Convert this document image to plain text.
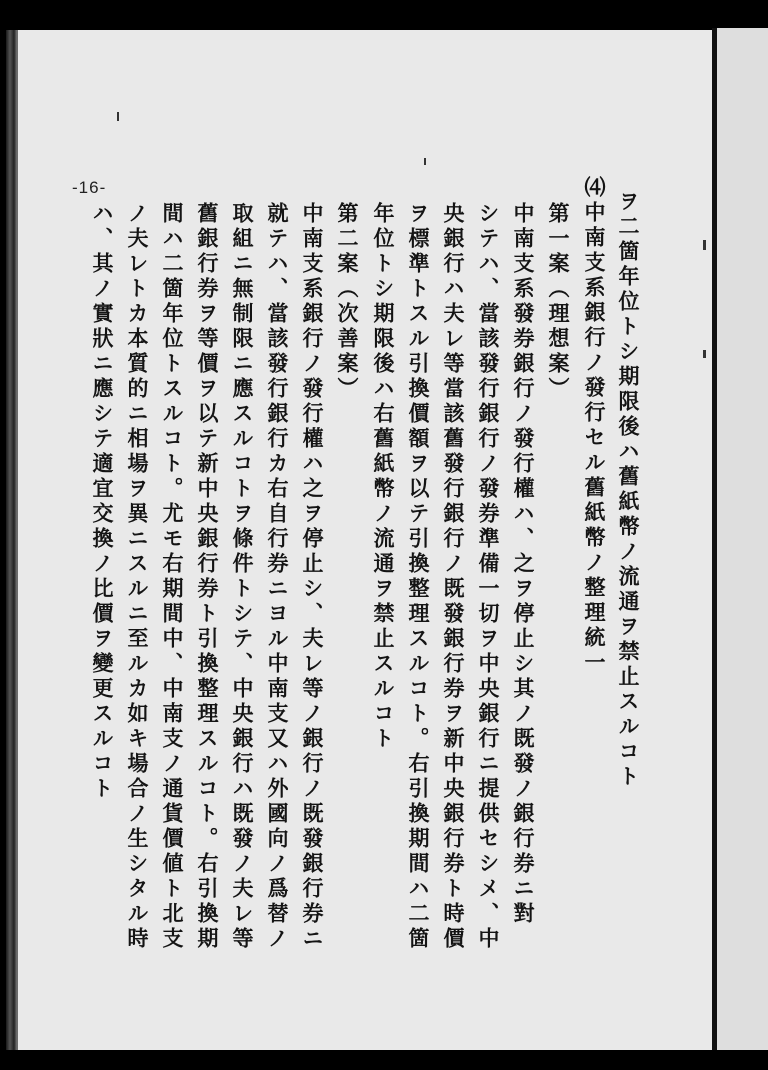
-16-
ヲ二箇年位トシ期限後ハ舊紙幣ノ流通ヲ禁止スルコト
⑷中南支系銀行ノ發行セル舊紙幣ノ整理統一
第一案（理想案）
中南支系發券銀行ノ發行權ハ、之ヲ停止シ其ノ既發ノ銀行券ニ對
シテハ、當該發行銀行ノ發券準備一切ヲ中央銀行ニ提供セシメ、中
央銀行ハ夫レ等當該舊發行銀行ノ既發銀行券ヲ新中央銀行券ト時價
ヲ標準トスル引換價額ヲ以テ引換整理スルコト。右引換期間ハ二箇
年位トシ期限後ハ右舊紙幣ノ流通ヲ禁止スルコト
第二案（次善案）
中南支系銀行ノ發行權ハ之ヲ停止シ、夫レ等ノ銀行ノ既發銀行券ニ
就テハ、當該發行銀行カ右自行券ニヨル中南支又ハ外國向ノ爲替ノ
取組ニ無制限ニ應スルコトヲ條件トシテ、中央銀行ハ既發ノ夫レ等
舊銀行券ヲ等價ヲ以テ新中央銀行券ト引換整理スルコト。右引換期
間ハ二箇年位トスルコト。尤モ右期間中、中南支ノ通貨價値ト北支
ノ夫レトカ本質的ニ相場ヲ異ニスルニ至ルカ如キ場合ノ生シタル時
ハ、其ノ實狀ニ應シテ適宜交換ノ比價ヲ變更スルコト
